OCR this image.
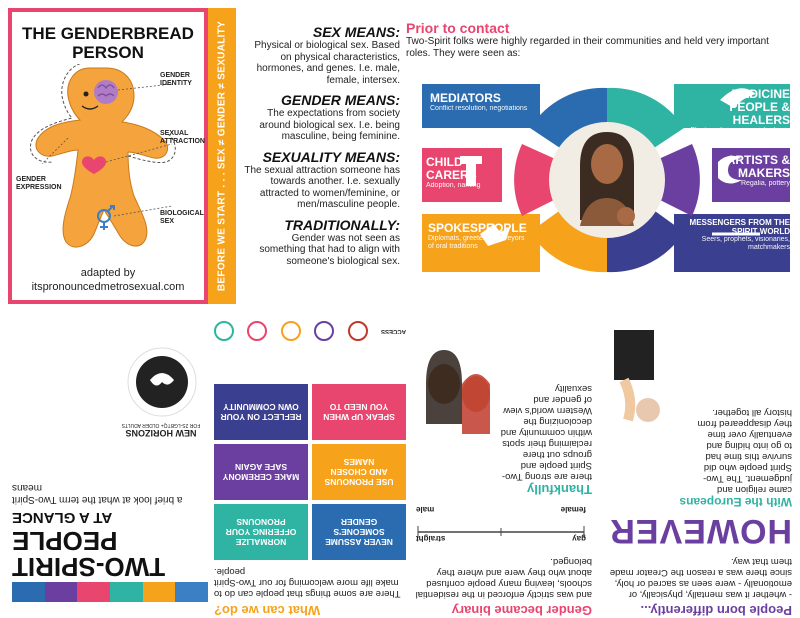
THE GENDERBREAD
PERSON
GENDER IDENTITY
SEXUAL ATTRACTION
GENDER EXPRESSION
BIOLOGICAL SEX
adapted by
itspronouncedmetrosexual.com	BEFORE WE START . . . SEX ≠ GENDER ≠ SEXUALITY	SEX MEANS:
Physical or biological sex. Based on physical characteristics, hormones, and genes. I.e. male, female, intersex.
GENDER MEANS:
The expectations from society around biological sex. I.e. being masculine, being feminine.
SEXUALITY MEANS:
The sexual attraction someone has towards another. I.e. sexually attracted to women/feminine, or men/masculine people.
TRADITIONALLY:
Gender was not seen as something that had to align with someone's biological sex.
Prior to contact
Two-Spirit folks were highly regarded in their communities and held very important roles. They were seen as:
MEDIATORS
Conflict resolution, negotiations
CHILD CARERS
Adoption, naming
SPOKESPEOPLE
Diplomats, greeters, conveyors of oral traditions
MEDICINE PEOPLE & HEALERS
Plant medicines, special roles in ceremony
ARTISTS & MAKERS
Regalia, pottery
MESSENGERS FROM THE SPIRIT WORLD
Seers, prophets, visionaries, matchmakers
TWO-SPIRIT
PEOPLE
AT A GLANCE
a brief look at what the term Two-Spirit means
NEW HORIZONS
FOR 2S-LGBTQ+ OLDER ADULTS
ACCESS
What can we do?
There are some things that people can do to make life more welcoming for our Two-Spirit people.
NEVER ASSUME SOMEONE'S GENDER
NORMALIZE OFFERING YOUR PRONOUNS
USE PRONOUNS AND CHOSEN NAMES
MAKE CEREMONY SAFE AGAIN
SPEAK UP WHEN YOU NEED TO
REFLECT ON YOUR OWN COMMUNITY
Gender became binary
and was strictly enforced in the residential schools, leaving many people confused about who they were and where they belonged.
gay
straight
female
male
Thankfully
there are strong Two-Spirit people and groups out there reclaiming their spots within community and decolonizing the Western world's view of gender and sexuality
People born differently...
- whether it was mentally, physically, or emotionally - were seen as sacred or holy, since there was a reason the Creator made them that way.
HOWEVER
With the Europeans
came religion and judgement. The Two-Spirit people who did survive this time had to go into hiding and eventually over time they disappeared from history all together.
